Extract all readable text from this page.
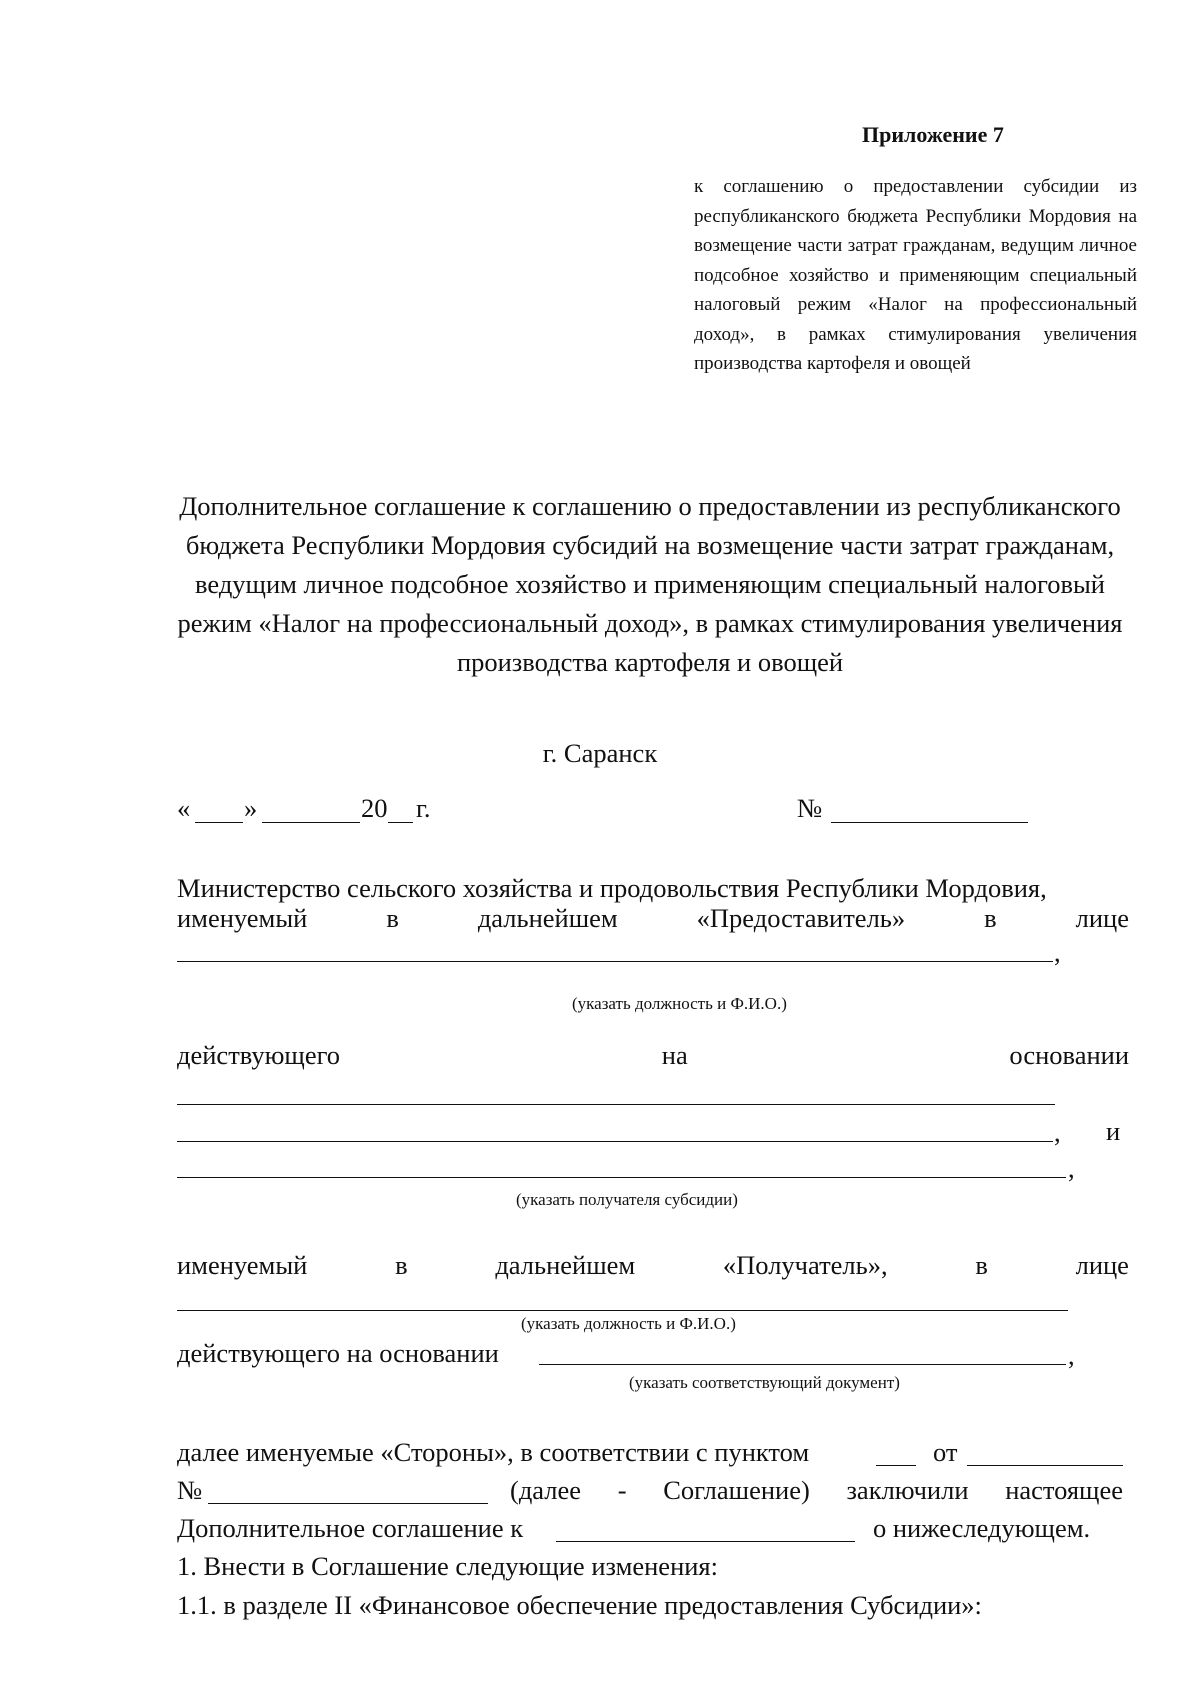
Приложение 7
к соглашению о предоставлении субсидии из республиканского бюджета Республики Мордовия на возмещение части затрат гражданам, ведущим личное подсобное хозяйство и применяющим специальный налоговый режим «Налог на профессиональный доход», в рамках стимулирования увеличения производства картофеля и овощей
Дополнительное соглашение к соглашению о предоставлении из республиканского бюджета Республики Мордовия субсидий на возмещение части затрат гражданам, ведущим личное подсобное хозяйство и применяющим специальный налоговый режим «Налог на профессиональный доход», в рамках стимулирования увеличения производства картофеля и овощей
г. Саранск
« »	20 г.	№
Министерство сельского хозяйства и продовольствия Республики Мордовия,
именуемый	в	дальнейшем	«Предоставитель»	в	лице
,
(указать должность и Ф.И.О.)
действующего	на	основании
, и
,
(указать получателя субсидии)
именуемый	в	дальнейшем	«Получатель»,	в	лице
(указать должность и Ф.И.О.)
действующего на основании	,
(указать соответствующий документ)
далее именуемые «Стороны», в соответствии с пунктом	от
№	(далее - Соглашение) заключили настоящее
Дополнительное соглашение к	о нижеследующем.
1. Внести в Соглашение следующие изменения:
1.1. в разделе II «Финансовое обеспечение предоставления Субсидии»:
